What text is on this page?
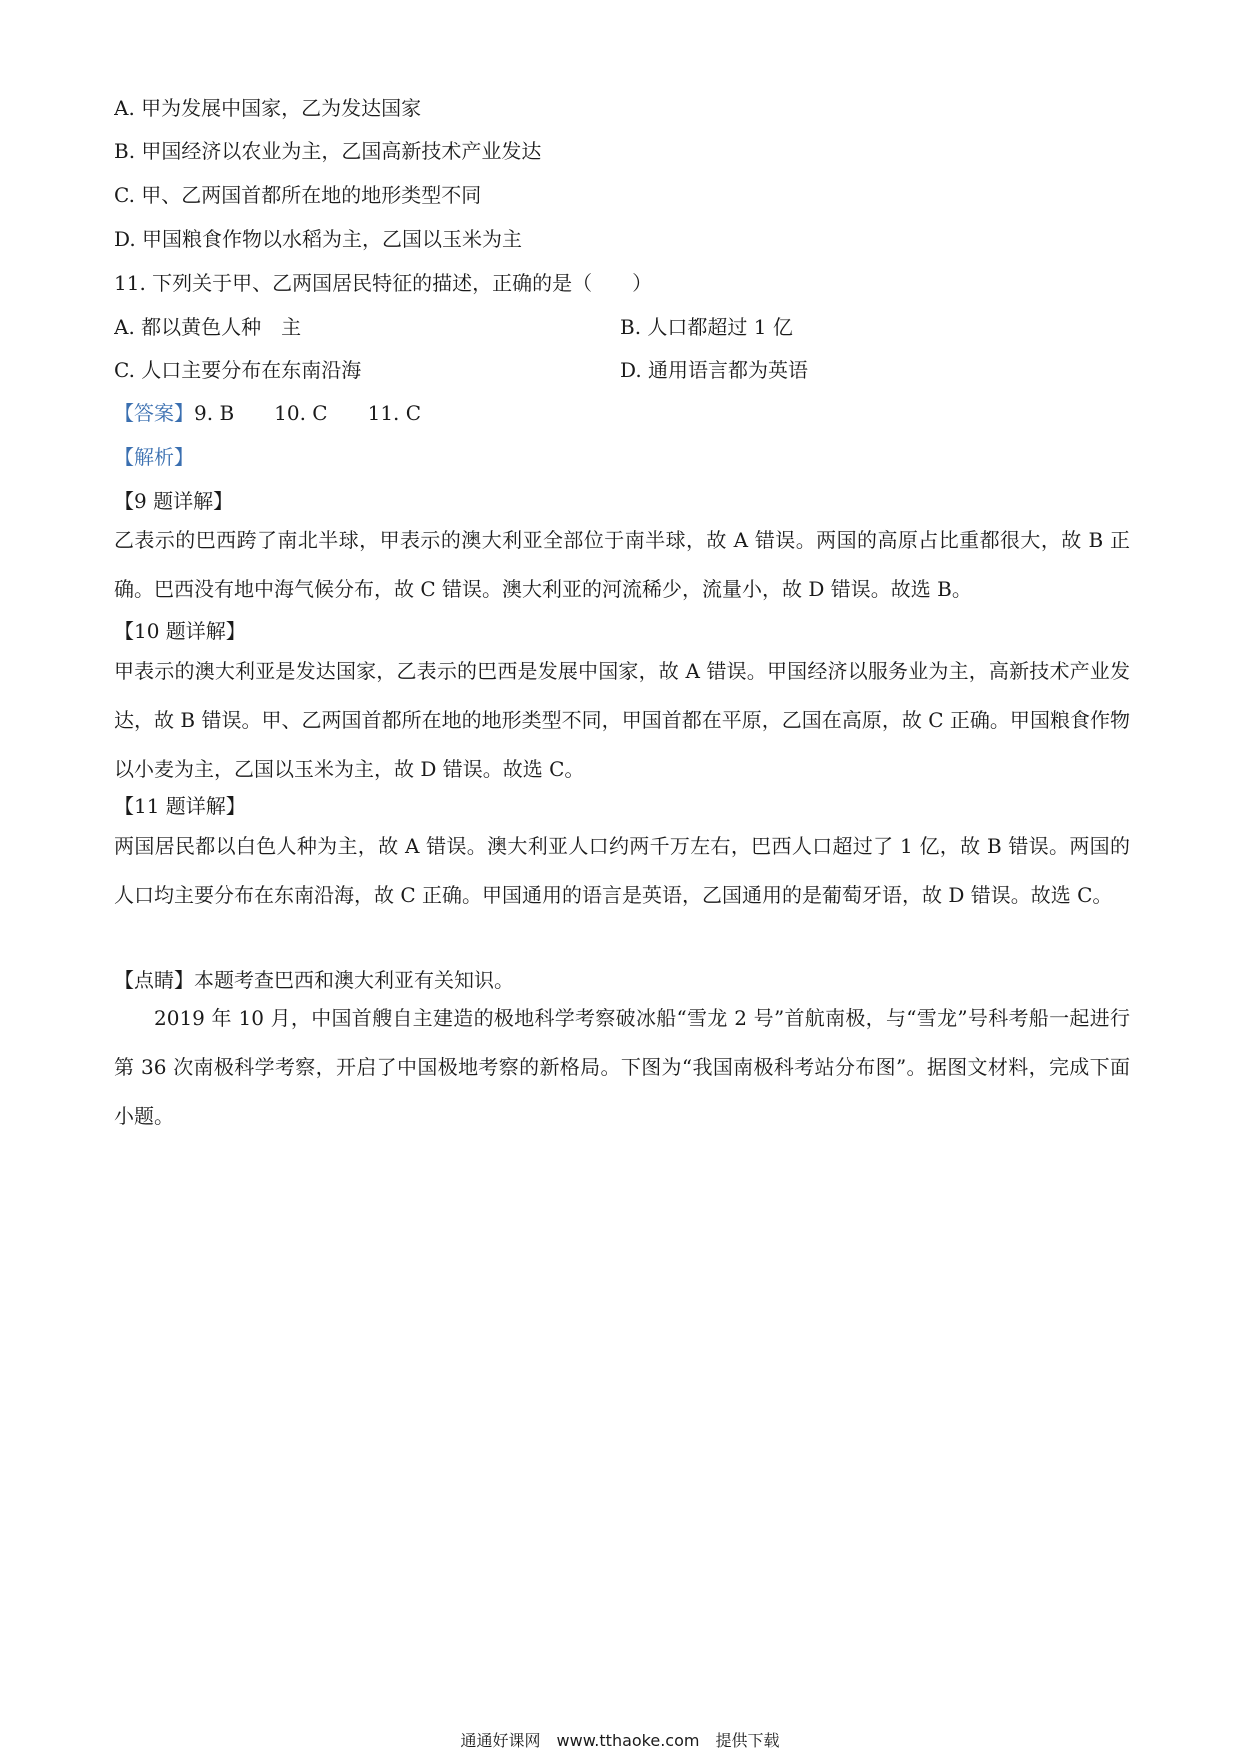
A. 甲为发展中国家，乙为发达国家
B. 甲国经济以农业为主，乙国高新技术产业发达
C. 甲、乙两国首都所在地的地形类型不同
D. 甲国粮食作物以水稻为主，乙国以玉米为主
11. 下列关于甲、乙两国居民特征的描述，正确的是（　　）
A. 都以黄色人种　主	B. 人口都超过 1 亿
C. 人口主要分布在东南沿海	D. 通用语言都为英语
【答案】9. B　　10. C　　11. C
【解析】
【9 题详解】
乙表示的巴西跨了南北半球，甲表示的澳大利亚全部位于南半球，故 A 错误。两国的高原占比重都很大，故 B 正确。巴西没有地中海气候分布，故 C 错误。澳大利亚的河流稀少，流量小，故 D 错误。故选 B。
【10 题详解】
甲表示的澳大利亚是发达国家，乙表示的巴西是发展中国家，故 A 错误。甲国经济以服务业为主，高新技术产业发达，故 B 错误。甲、乙两国首都所在地的地形类型不同，甲国首都在平原，乙国在高原，故 C 正确。甲国粮食作物以小麦为主，乙国以玉米为主，故 D 错误。故选 C。
【11 题详解】
两国居民都以白色人种为主，故 A 错误。澳大利亚人口约两千万左右，巴西人口超过了 1 亿，故 B 错误。两国的人口均主要分布在东南沿海，故 C 正确。甲国通用的语言是英语，乙国通用的是葡萄牙语，故 D 错误。故选 C。
【点睛】本题考查巴西和澳大利亚有关知识。
2019 年 10 月，中国首艘自主建造的极地科学考察破冰船“雪龙 2 号”首航南极，与“雪龙”号科考船一起进行第 36 次南极科学考察，开启了中国极地考察的新格局。下图为“我国南极科考站分布图”。据图文材料，完成下面小题。
通通好课网　www.tthaoke.com　提供下载
